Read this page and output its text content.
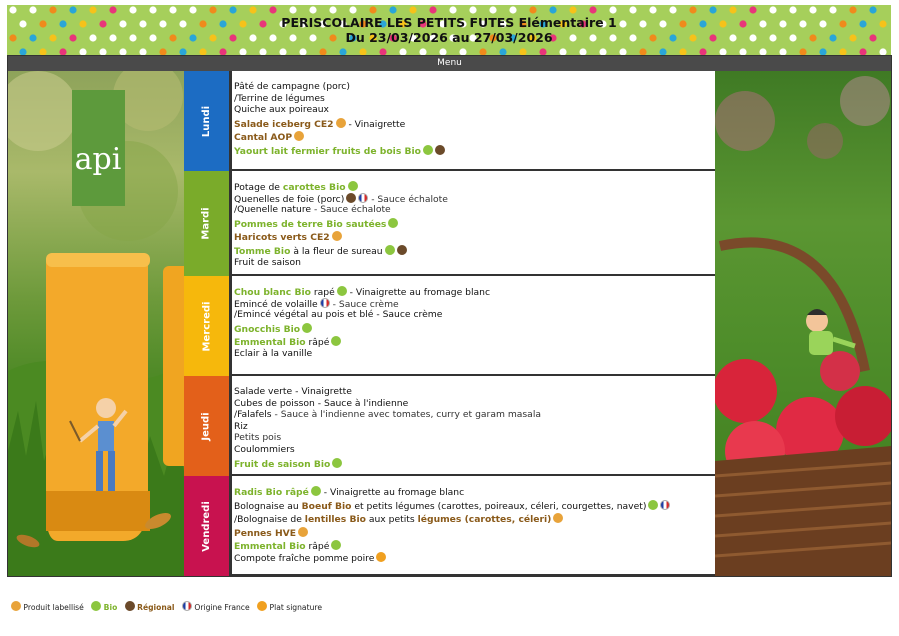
PERISCOLAIRE LES PETITS FUTES Elémentaire 1
Du 23/03/2026 au 27/03/2026
Menu
api
Lundi
Pâté de campagne (porc)
/Terrine de légumes
Quiche aux poireaux
Salade iceberg CE2 - Vinaigrette
Cantal AOP
Yaourt lait fermier fruits de bois Bio
Mardi
Potage de carottes Bio
Quenelles de foie (porc)	- Sauce échalote
/Quenelle nature - Sauce échalote
Pommes de terre Bio sautées
Haricots verts CE2
Tomme Bio à la fleur de sureau
Fruit de saison
Mercredi
Chou blanc Bio rapé - Vinaigrette au fromage blanc
Emincé de volaille - Sauce crème
/Emincé végétal au pois et blé - Sauce crème
Gnocchis Bio
Emmental Bio râpé
Eclair à la vanille
Jeudi
Salade verte - Vinaigrette
Cubes de poisson - Sauce à l'indienne
/Falafels - Sauce à l'indienne avec tomates, curry et garam masala
Riz
Petits pois
Coulommiers
Fruit de saison Bio
Vendredi
Radis Bio râpé - Vinaigrette au fromage blanc
Bolognaise au Boeuf Bio et petits légumes (carottes, poireaux, céleri, courgettes, navet)
/Bolognaise de lentilles Bio aux petits légumes (carottes, céleri)
Pennes HVE
Emmental Bio râpé
Compote fraîche pomme poire
Produit labellisé	Bio	Régional	Origine France	Plat signature
